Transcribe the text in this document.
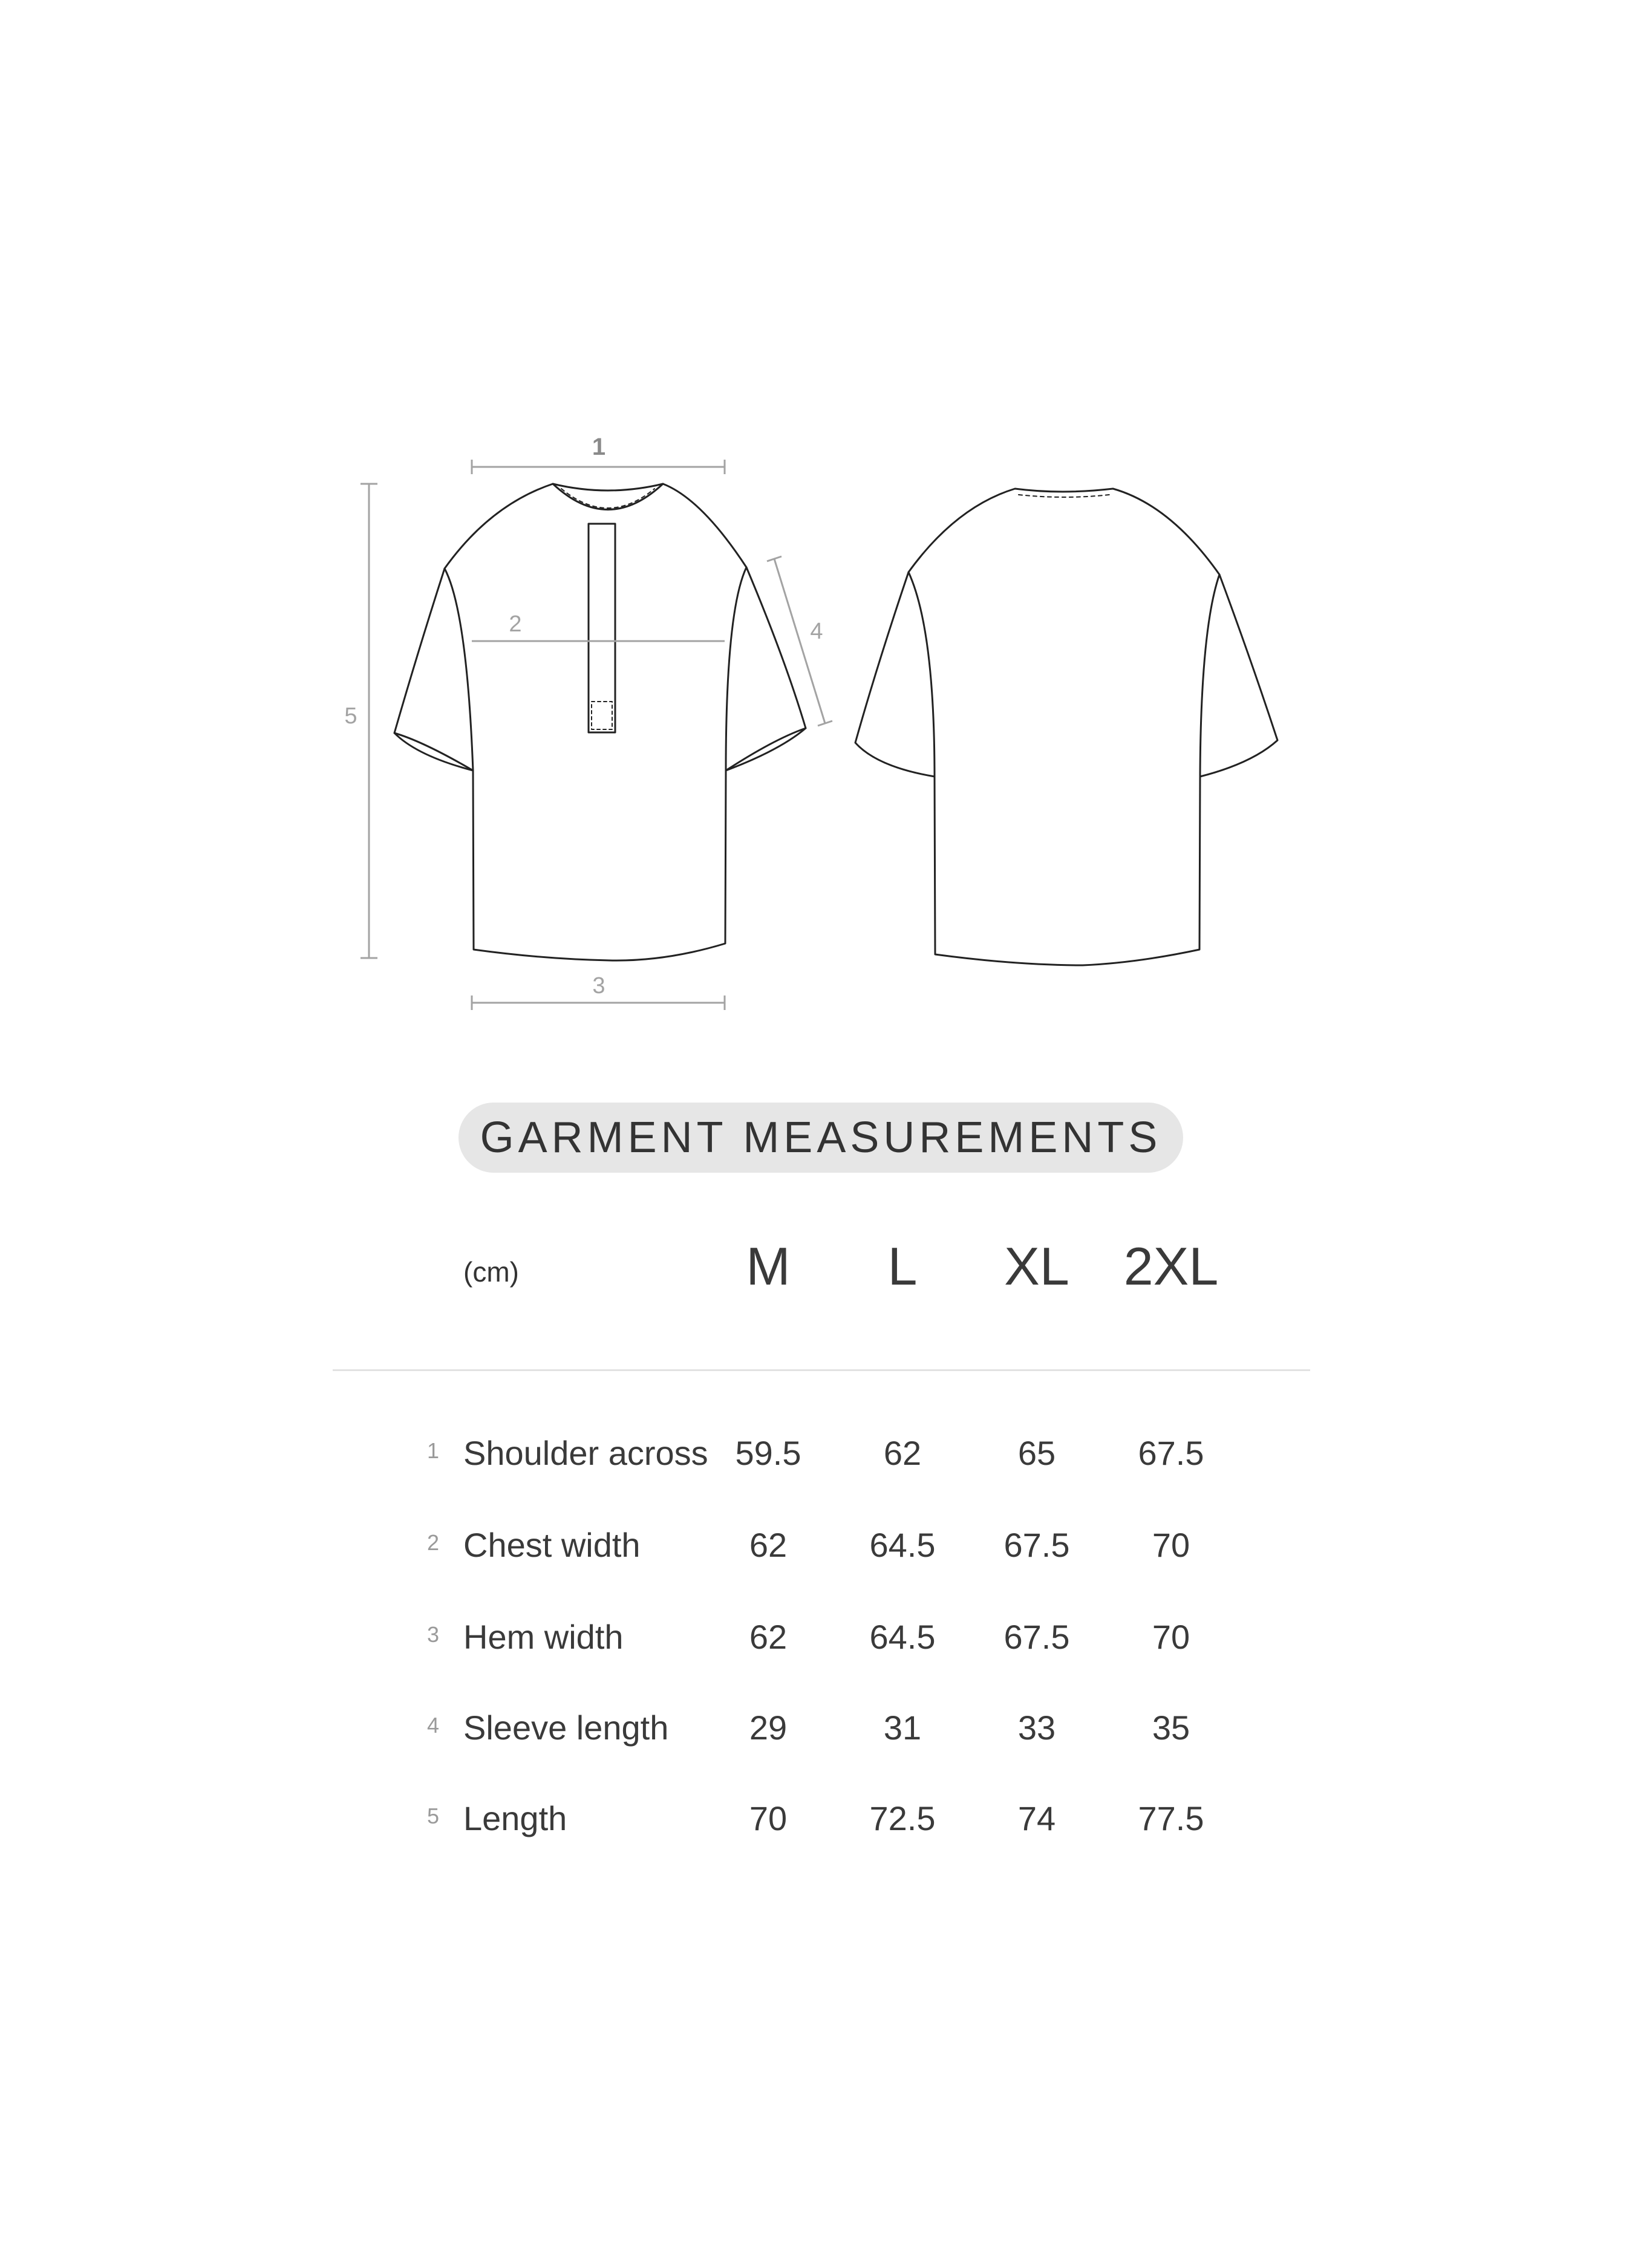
1
2
3
4
5
GARMENT MEASUREMENTS
(cm)	M	L	XL	2XL
1 Shoulder across 59.5	62	65	67.5
2 Chest width	62	64.5	67.5	70
3 Hem width	62	64.5	67.5	70
4 Sleeve length	29	31	33	35
5 Length	70	72.5	74	77.5
